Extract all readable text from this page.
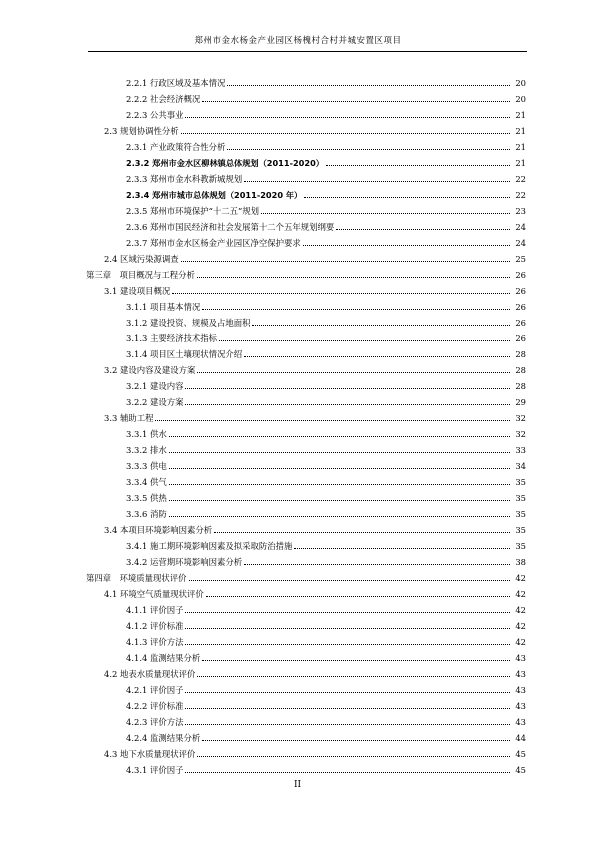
郑州市金水杨金产业园区杨槐村合村并城安置区项目
2.2.1 行政区域及基本情况	20
2.2.2 社会经济概况	20
2.2.3 公共事业	21
2.3 规划协调性分析	21
2.3.1 产业政策符合性分析	21
2.3.2 郑州市金水区柳林镇总体规划（2011-2020）	21
2.3.3 郑州市金水科教新城规划	22
2.3.4 郑州市城市总体规划（2011-2020 年）	22
2.3.5 郑州市环境保护“十二五”规划	23
2.3.6 郑州市国民经济和社会发展第十二个五年规划纲要	24
2.3.7 郑州市金水区杨金产业园区净空保护要求	24
2.4 区域污染源调查	25
第三章　项目概况与工程分析	26
3.1 建设项目概况	26
3.1.1 项目基本情况	26
3.1.2 建设投资、规模及占地面积	26
3.1.3 主要经济技术指标	26
3.1.4 项目区土壤现状情况介绍	28
3.2 建设内容及建设方案	28
3.2.1 建设内容	28
3.2.2 建设方案	29
3.3 辅助工程	32
3.3.1 供水	32
3.3.2 排水	33
3.3.3 供电	34
3.3.4 供气	35
3.3.5 供热	35
3.3.6 消防	35
3.4 本项目环境影响因素分析	35
3.4.1 施工期环境影响因素及拟采取防治措施	35
3.4.2 运营期环境影响因素分析	38
第四章　环境质量现状评价	42
4.1 环境空气质量现状评价	42
4.1.1 评价因子	42
4.1.2 评价标准	42
4.1.3 评价方法	42
4.1.4 监测结果分析	43
4.2 地表水质量现状评价	43
4.2.1 评价因子	43
4.2.2 评价标准	43
4.2.3 评价方法	43
4.2.4 监测结果分析	44
4.3 地下水质量现状评价	45
4.3.1 评价因子	45
II
